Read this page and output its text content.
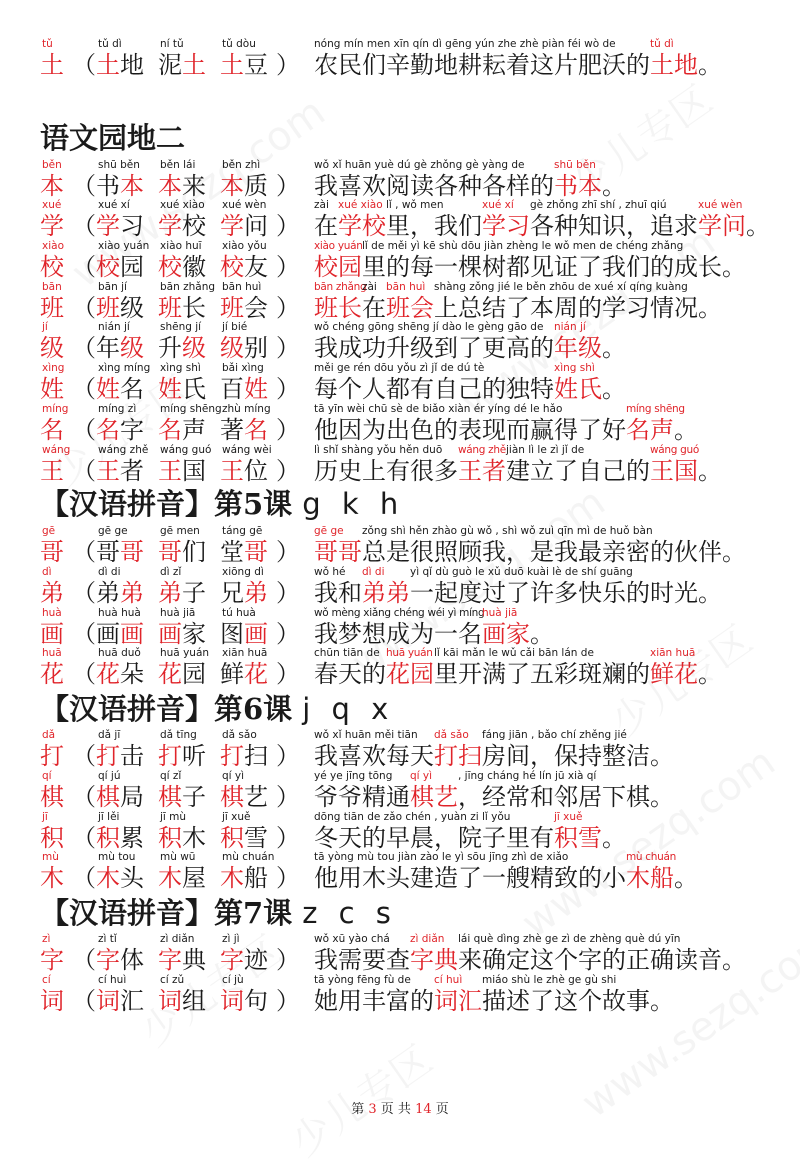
tǔ
土 （
tǔ dì
土地
ní tǔ
泥土
tǔ dòu
土豆 ）
nóng mín men xīn qín dì gēng yún zhe zhè piàn féi wò de
农民们辛勤地耕耘着这片肥沃的
tǔ dì
土地 。
语文园地二
běn
本 （
shū běn
书本
běn lái
本来
běn zhì
本质 ）
wǒ xǐ huān yuè dú gè zhǒng gè yàng de
我喜欢阅读各种各样的
shū běn
书本 。
xué
学 （
xué xí
学习
xué xiào
学校
xué wèn
学问 ）
zài
在
xué xiào
学校
lǐ , wǒ men
里，我们
xué xí
学习
gè zhǒng zhī shí , zhuī qiú
各种知识，追求
xué wèn
学问 。
xiào
校 （
xiào yuán
校园
xiào huī
校徽
xiào yǒu
校友 ）
xiào yuán
校园
lǐ de měi yì kē shù dōu jiàn zhèng le wǒ men de chéng zhǎng
里的每一棵树都见证了我们的成长 。
bān
班 （
bān jí
班级
bān zhǎng
班长
bān huì
班会 ）
bān zhǎng
班长
zài
在
bān huì
班会
shàng zǒng jié le běn zhōu de xué xí qíng kuàng
上总结了本周的学习情况 。
jí
级 （
nián jí
年级
shēng jí
升级
jí bié
级别 ）
wǒ chéng gōng shēng jí dào le gèng gāo de
我成功升级到了更高的
nián jí
年级 。
xìng
姓 （
xìng míng
姓名
xìng shì
姓氏
bǎi xìng
百姓 ）
měi ge rén dōu yǒu zì jǐ de dú tè
每个人都有自己的独特
xìng shì
姓氏 。
míng
名 （
míng zì
名字
míng shēng
名声
zhù míng
著名 ）
tā yīn wèi chū sè de biǎo xiàn ér yíng dé le hǎo
他因为出色的表现而赢得了好
míng shēng
名声 。
wáng
王 （
wáng zhě
王者
wáng guó
王国
wáng wèi
王位 ）
lì shǐ shàng yǒu hěn duō
历史上有很多
wáng zhě
王者
jiàn lì le zì jǐ de
建立了自己的
wáng guó
王国 。
【汉语拼音】第5课 g k h
gē
哥 （
gē ge
哥哥
gē men
哥们
táng gē
堂哥 ）
gē ge
哥哥
zǒng shì hěn zhào gù wǒ , shì wǒ zuì qīn mì de huǒ bàn
总是很照顾我，是我最亲密的伙伴 。
dì
弟 （
dì di
弟弟
dì zǐ
弟子
xiōng dì
兄弟 ）
wǒ hé
我和
dì di
弟弟
yì qǐ dù guò le xǔ duō kuài lè de shí guāng
一起度过了许多快乐的时光 。
huà
画 （
huà huà
画画
huà jiā
画家
tú huà
图画 ）
wǒ mèng xiǎng chéng wéi yì míng
我梦想成为一名
huà jiā
画家 。
huā
花 （
huā duǒ
花朵
huā yuán
花园
xiān huā
鲜花 ）
chūn tiān de
春天的
huā yuán
花园
lǐ kāi mǎn le wǔ cǎi bān lán de
里开满了五彩斑斓的
xiān huā
鲜花 。
【汉语拼音】第6课 j q x
dǎ
打 （
dǎ jī
打击
dǎ tīng
打听
dǎ sǎo
打扫 ）
wǒ xǐ huān měi tiān
我喜欢每天
dǎ sǎo
打扫
fáng jiān , bǎo chí zhěng jié
房间，保持整洁 。
qí
棋 （
qí jú
棋局
qí zǐ
棋子
qí yì
棋艺 ）
yé ye jīng tōng
爷爷精通
qí yì
棋艺
, jīng cháng hé lín jū xià qí
，经常和邻居下棋 。
jī
积 （
jī lěi
积累
jī mù
积木
jī xuě
积雪 ）
dōng tiān de zǎo chén , yuàn zi lǐ yǒu
冬天的早晨，院子里有
jī xuě
积雪 。
mù
木 （
mù tou
木头
mù wū
木屋
mù chuán
木船 ）
tā yòng mù tou jiàn zào le yì sōu jīng zhì de xiǎo
他用木头建造了一艘精致的小
mù chuán
木船 。
【汉语拼音】第7课 z c s
zì
字 （
zì tǐ
字体
zì diǎn
字典
zì jì
字迹 ）
wǒ xū yào chá
我需要查
zì diǎn
字典
lái què dìng zhè ge zì de zhèng què dú yīn
来确定这个字的正确读音 。
cí
词 （
cí huì
词汇
cí zǔ
词组
cí jù
词句 ）
tā yòng fēng fù de
她用丰富的
cí huì
词汇
miáo shù le zhè ge gù shi
描述了这个故事 。
第 3 页 共 14 页
